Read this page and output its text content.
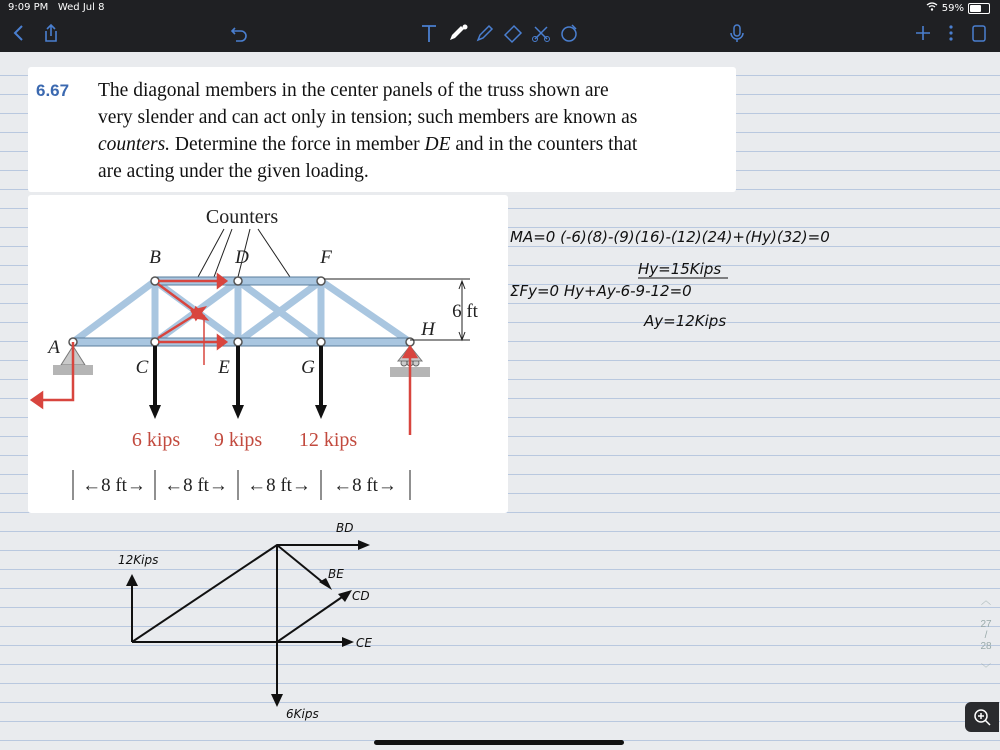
9:09 PM Wed Jul 8	59%
6.67 The diagonal members in the center panels of the truss shown are
very slender and can act only in tension; such members are known as
counters. Determine the force in member DE and in the counters that
are acting under the given loading.
Counters
B	D	F
C	E	G
A
H
6 ft
6 kips 9 kips 12 kips
←8 ft→ ←8 ft→ ←8 ft→ ←8 ft→
MA=0 (-6)(8)-(9)(16)-(12)(24)+(Hy)(32)=0
Hy=15Kips
ΣFy=0 Hy+Ay-6-9-12=0
Ay=12Kips
12Kips
BD
BE
CD
CE
6Kips
︿
27
/
28
﹀
